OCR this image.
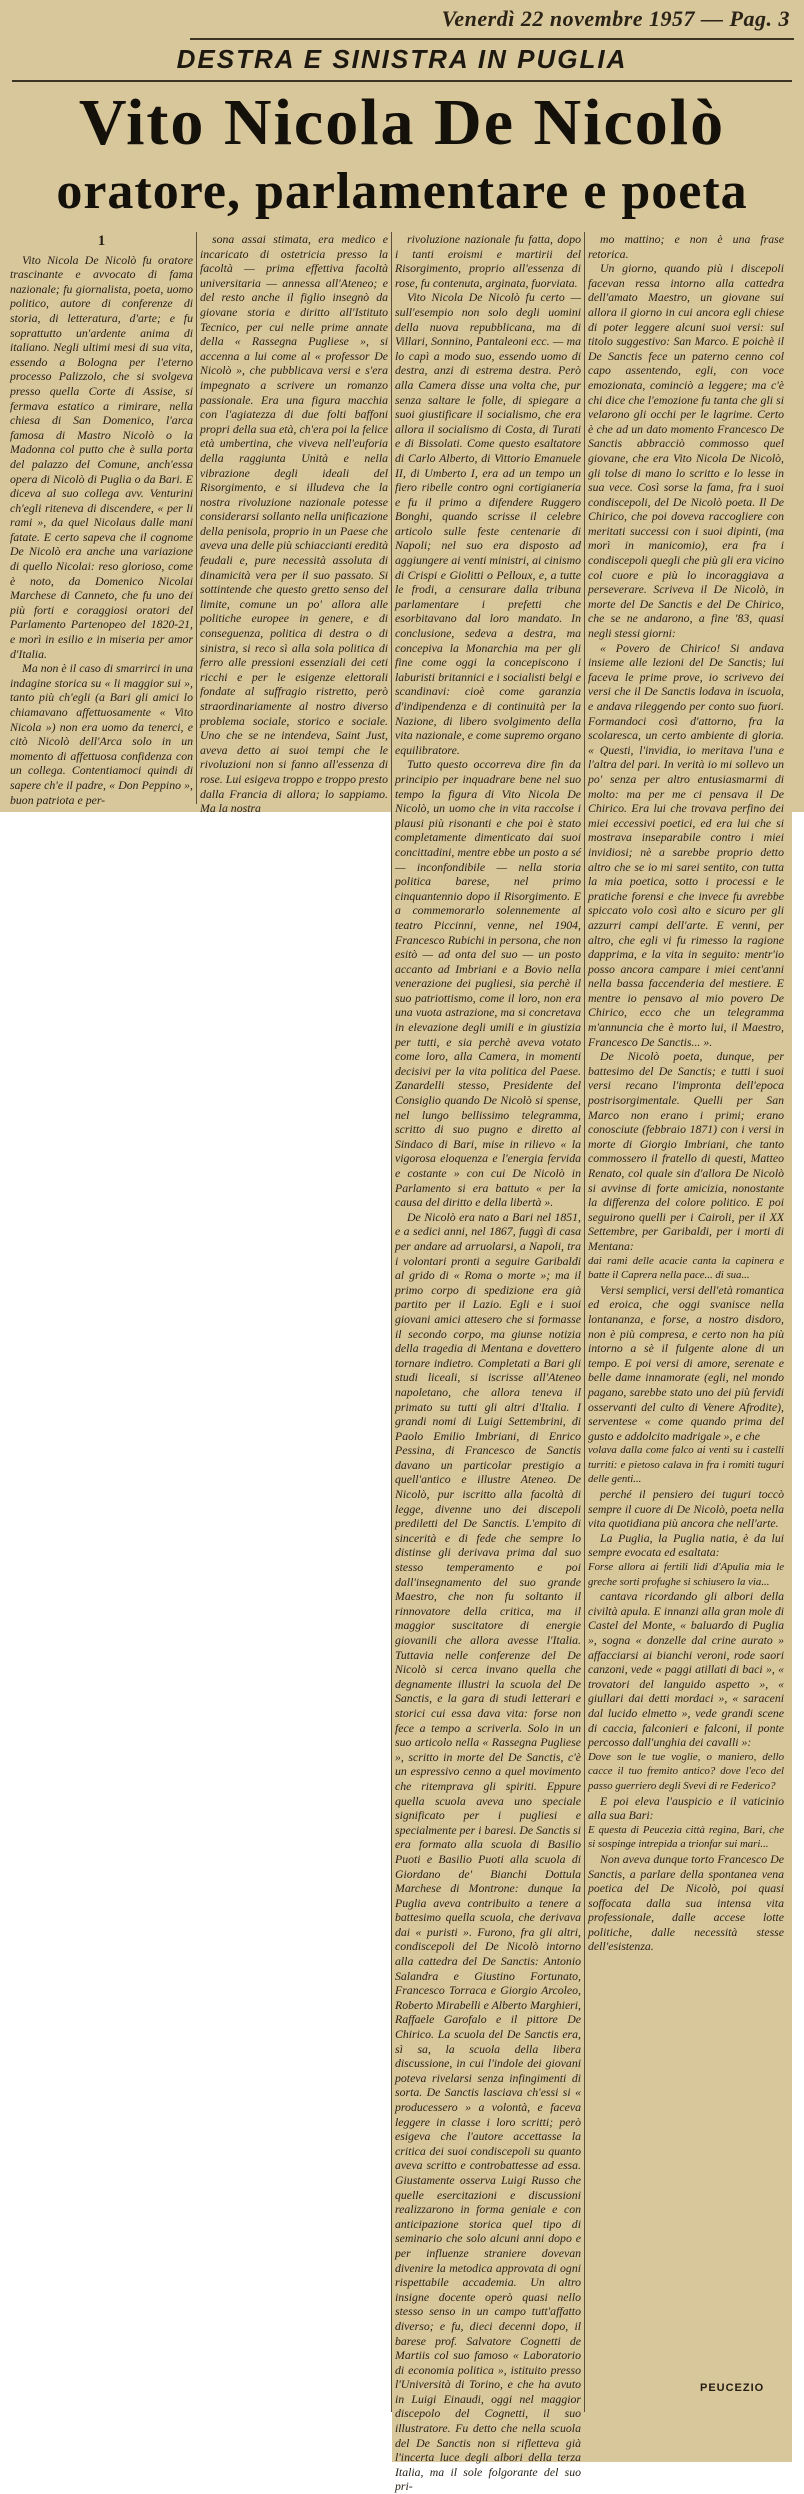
Venerdì 22 novembre 1957 — Pag. 3
DESTRA E SINISTRA IN PUGLIA
Vito Nicola De Nicolò
oratore, parlamentare e poeta

1

Vito Nicola De Nicolò fu oratore trascinante e avvocato di fama nazionale; fu giornalista, poeta, uomo politico, autore di conferenze di storia, di letteratura, d'arte; e fu soprattutto un'ardente anima di italiano. Negli ultimi mesi di sua vita, essendo a Bologna per l'eterno processo Palizzolo, che si svolgeva presso quella Corte di Assise, si fermava estatico a rimirare, nella chiesa di San Domenico, l'arca famosa di Mastro Nicolò o la Madonna col putto che è sulla porta del palazzo del Comune, anch'essa opera di Nicolò di Puglia o da Bari. E diceva al suo collega avv. Venturini ch'egli riteneva di discendere, « per li rami », da quel Nicolaus dalle mani fatate. E certo sapeva che il cognome De Nicolò era anche una variazione di quello Nicolai: reso glorioso, come è noto, da Domenico Nicolai Marchese di Canneto, che fu uno dei più forti e coraggiosi oratori del Parlamento Partenopeo del 1820-21, e morì in esilio e in miseria per amor d'Italia.

Ma non è il caso di smarrirci in una indagine storica su « li maggior sui », tanto più ch'egli (a Bari gli amici lo chiamavano affettuosamente « Vito Nicola ») non era uomo da tenerci, e citò Nicolò dell'Arca solo in un momento di affettuosa confidenza con un collega. Contentiamoci quindi di sapere ch'e il padre, « Don Peppino », buon patriota e per-

sona assai stimata, era medico e incaricato di ostetricia presso la facoltà — prima effettiva facoltà universitaria — annessa all'Ateneo; e del resto anche il figlio insegnò da giovane storia e diritto all'Istituto Tecnico, per cui nelle prime annate della « Rassegna Pugliese », si accenna a lui come al « professor De Nicolò », che pubblicava versi e s'era impegnato a scrivere un romanzo passionale. Era una figura macchia con l'agiatezza di due folti baffoni propri della sua età, ch'era poi la felice età umbertina, che viveva nell'euforia della raggiunta Unità e nella vibrazione degli ideali del Risorgimento, e si illudeva che la nostra rivoluzione nazionale potesse considerarsi sollanto nella unificazione della penisola, proprio in un Paese che aveva una delle più schiaccianti eredità feudali e, pure necessità assoluta di dinamicità vera per il suo passato. Si sottintende che questo gretto senso del limite, comune un po' allora alle politiche europee in genere, e di conseguenza, politica di destra o di sinistra, si reco sì alla sola politica di ferro alle pressioni essenziali dei ceti ricchi e per le esigenze elettorali fondate al suffragio ristretto, però straordinariamente al nostro diverso problema sociale, storico e sociale. Uno che se ne intendeva, Saint Just, aveva detto ai suoi tempi che le rivoluzioni non si fanno all'essenza di rose. Lui esigeva troppo e troppo presto dalla Francia di allora; lo sappiamo. Ma la nostra

rivoluzione nazionale fu fatta, dopo i tanti eroismi e martirii del Risorgimento, proprio all'essenza di rose, fu contenuta, arginata, fuorviata.

Vito Nicola De Nicolò fu certo — sull'esempio non solo degli uomini della nuova repubblicana, ma di Villari, Sonnino, Pantaleoni ecc. — ma lo capì a modo suo, essendo uomo di destra, anzi di estrema destra. Però alla Camera disse una volta che, pur senza saltare le folle, di spiegare a suoi giustificare il socialismo, che era allora il socialismo di Costa, di Turati e di Bissolati. Come questo esaltatore di Carlo Alberto, di Vittorio Emanuele II, di Umberto I, era ad un tempo un fiero ribelle contro ogni cortigianeria e fu il primo a difendere Ruggero Bonghi, quando scrisse il celebre articolo sulle feste centenarie di Napoli; nel suo era disposto ad aggiungere ai venti ministri, ai cinismo di Crispi e Giolitti o Pelloux, e, a tutte le frodi, a censurare dalla tribuna parlamentare i prefetti che esorbitavano dal loro mandato. In conclusione, sedeva a destra, ma concepiva la Monarchia ma per gli fine come oggi la concepiscono i laburisti britannici e i socialisti belgi e scandinavi: cioè come garanzia d'indipendenza e di continuità per la Nazione, di libero svolgimento della vita nazionale, e come supremo organo equilibratore.

Tutto questo occorreva dire fin da principio per inquadrare bene nel suo tempo la figura di Vito Nicola De Nicolò, un uomo che in vita raccolse i plausi più risonanti e che poi è stato completamente dimenticato dai suoi concittadini, mentre ebbe un posto a sé — inconfondibile — nella storia politica barese, nel primo cinquantennio dopo il Risorgimento. E a commemorarlo solennemente al teatro Piccinni, venne, nel 1904, Francesco Rubichi in persona, che non esitò — ad onta del suo — un posto accanto ad Imbriani e a Bovio nella venerazione dei pugliesi, sia perchè il suo patriottismo, come il loro, non era una vuota astrazione, ma si concretava in elevazione degli umili e in giustizia per tutti, e sia perchè aveva votato come loro, alla Camera, in momenti decisivi per la vita politica del Paese. Zanardelli stesso, Presidente del Consiglio quando De Nicolò si spense, nel lungo bellissimo telegramma, scritto di suo pugno e diretto al Sindaco di Bari, mise in rilievo « la vigorosa eloquenza e l'energia fervida e costante » con cui De Nicolò in Parlamento si era battuto « per la causa del diritto e della libertà ».

De Nicolò era nato a Bari nel 1851, e a sedici anni, nel 1867, fuggì di casa per andare ad arruolarsi, a Napoli, tra i volontari pronti a seguire Garibaldi al grido di « Roma o morte »; ma il primo corpo di spedizione era già partito per il Lazio. Egli e i suoi giovani amici attesero che si formasse il secondo corpo, ma giunse notizia della tragedia di Mentana e dovettero tornare indietro. Completati a Bari gli studi liceali, si iscrisse all'Ateneo napoletano, che allora teneva il primato su tutti gli altri d'Italia. I grandi nomi di Luigi Settembrini, di Paolo Emilio Imbriani, di Enrico Pessina, di Francesco de Sanctis davano un particolar prestigio a quell'antico e illustre Ateneo. De Nicolò, pur iscritto alla facoltà di legge, divenne uno dei discepoli prediletti del De Sanctis. L'empito di sincerità e di fede che sempre lo distinse gli derivava prima dal suo stesso temperamento e poi dall'insegnamento del suo grande Maestro, che non fu soltanto il rinnovatore della critica, ma il maggior suscitatore di energie giovanili che allora avesse l'Italia. Tuttavia nelle conferenze del De Nicolò si cerca invano quella che degnamente illustri la scuola del De Sanctis, e la gara di studi letterari e storici cui essa dava vita: forse non fece a tempo a scriverla. Solo in un suo articolo nella « Rassegna Pugliese », scritto in morte del De Sanctis, c'è un espressivo cenno a quel movimento che ritemprava gli spiriti. Eppure quella scuola aveva uno speciale significato per i pugliesi e specialmente per i baresi. De Sanctis si era formato alla scuola di Basilio Puoti e Basilio Puoti alla scuola di Giordano de' Bianchi Dottula Marchese di Montrone: dunque la Puglia aveva contribuito a tenere a battesimo quella scuola, che derivava dai « puristi ». Furono, fra gli altri, condiscepoli del De Nicolò intorno alla cattedra del De Sanctis: Antonio Salandra e Giustino Fortunato, Francesco Torraca e Giorgio Arcoleo, Roberto Mirabelli e Alberto Marghieri, Raffaele Garofalo e il pittore De Chirico. La scuola del De Sanctis era, sì sa, la scuola della libera discussione, in cui l'indole dei giovani poteva rivelarsi senza infingimenti di sorta. De Sanctis lasciava ch'essi si « producessero » a volontà, e faceva leggere in classe i loro scritti; però esigeva che l'autore accettasse la critica dei suoi condiscepoli su quanto aveva scritto e controbattesse ad essa. Giustamente osserva Luigi Russo che quelle esercitazioni e discussioni realizzarono in forma geniale e con anticipazione storica quel tipo di seminario che solo alcuni anni dopo e per influenze straniere dovevan divenire la metodica approvata di ogni rispettabile accademia. Un altro insigne docente operò quasi nello stesso senso in un campo tutt'affatto diverso; e fu, dieci decenni dopo, il barese prof. Salvatore Cognetti de Martiis col suo famoso « Laboratorio di economia politica », istituito presso l'Università di Torino, e che ha avuto in Luigi Einaudi, oggi nel maggior discepolo del Cognetti, il suo illustratore. Fu detto che nella scuola del De Sanctis non si rifletteva già l'incerta luce degli albori della terza Italia, ma il sole folgorante del suo pri-

mo mattino; e non è una frase retorica.

Un giorno, quando più i discepoli facevan ressa intorno alla cattedra dell'amato Maestro, un giovane sui allora il giorno in cui ancora egli chiese di poter leggere alcuni suoi versi: sul titolo suggestivo: San Marco. E poichè il De Sanctis fece un paterno cenno col capo assentendo, egli, con voce emozionata, cominciò a leggere; ma c'è chi dice che l'emozione fu tanta che gli si velarono gli occhi per le lagrime. Certo è che ad un dato momento Francesco De Sanctis abbracciò commosso quel giovane, che era Vito Nicola De Nicolò, gli tolse di mano lo scritto e lo lesse in sua vece. Così sorse la fama, fra i suoi condiscepoli, del De Nicolò poeta. Il De Chirico, che poi doveva raccogliere con meritati successi con i suoi dipinti, (ma morì in manicomio), era fra i condiscepoli quegli che più gli era vicino col cuore e più lo incoraggiava a perseverare. Scriveva il De Nicolò, in morte del De Sanctis e del De Chirico, che se ne andarono, a fine '83, quasi negli stessi giorni:

« Povero de Chirico! Si andava insieme alle lezioni del De Sanctis; lui faceva le prime prove, io scrivevo dei versi che il De Sanctis lodava in iscuola, e andava rileggendo per conto suo fuori. Formandoci così d'attorno, fra la scolaresca, un certo ambiente di gloria. « Questi, l'invidia, io meritava l'una e l'altra del pari. In verità io mi sollevo un po' senza per altro entusiasmarmi di molto: ma per me ci pensava il De Chirico. Era lui che trovava perfino dei miei eccessivi poetici, ed era lui che si mostrava inseparabile contro i miei invidiosi; nè a sarebbe proprio detto altro che se io mi sarei sentito, con tutta la mia poetica, sotto i processi e le pratiche forensi e che invece fu avrebbe spiccato volo così alto e sicuro per gli azzurri campi dell'arte. E venni, per altro, che egli vi fu rimesso la ragione dapprima, e la vita in seguito: mentr'io posso ancora campare i miei cent'anni nella bassa faccenderia del mestiere. E mentre io pensavo al mio povero De Chirico, ecco che un telegramma m'annuncia che è morto lui, il Maestro, Francesco De Sanctis... ».

De Nicolò poeta, dunque, per battesimo del De Sanctis; e tutti i suoi versi recano l'impronta dell'epoca postrisorgimentale. Quelli per San Marco non erano i primi; erano conosciute (febbraio 1871) con i versi in morte di Giorgio Imbriani, che tanto commossero il fratello di questi, Matteo Renato, col quale sin d'allora De Nicolò si avvinse di forte amicizia, nonostante la differenza del colore politico. E poi seguirono quelli per i Cairoli, per il XX Settembre, per Garibaldi, per i morti di Mentana:

dai rami delle acacie canta la capinera e batte il Caprera nella pace... di sua...

Versi semplici, versi dell'età romantica ed eroica, che oggi svanisce nella lontananza, e forse, a nostro disdoro, non è più compresa, e certo non ha più intorno a sè il fulgente alone di un tempo. E poi versi di amore, serenate e belle dame innamorate (egli, nel mondo pagano, sarebbe stato uno dei più fervidi osservanti del culto di Venere Afrodite), serventese « come quando prima del gusto e addolcito madrigale », e che

volava dalla come falco ai venti su i castelli turriti: e pietoso calava in fra i romiti tuguri delle genti...

perché il pensiero dei tuguri toccò sempre il cuore di De Nicolò, poeta nella vita quotidiana più ancora che nell'arte.

La Puglia, la Puglia natia, è da lui sempre evocata ed esaltata:

Forse allora ai fertili lidi d'Apulia mia le greche sorti profughe si schiusero la via...

cantava ricordando gli albori della civiltà apula. E innanzi alla gran mole di Castel del Monte, « baluardo di Puglia », sogna « donzelle dal crine aurato » affacciarsi ai bianchi veroni, rode saori canzoni, vede « paggi atillati di baci », « trovatori del languido aspetto », « giullari dai detti mordaci », « saraceni dal lucido elmetto », vede grandi scene di caccia, falconieri e falconi, il ponte percosso dall'unghia dei cavalli »:

Dove son le tue voglie, o maniero, dello cacce il tuo fremito antico? dove l'eco del passo guerriero degli Svevi di re Federico?

E poi eleva l'auspicio e il vaticinio alla sua Bari:

E questa di Peucezia città regina, Bari, che si sospinge intrepida a trionfar sui mari...

Non aveva dunque torto Francesco De Sanctis, a parlare della spontanea vena poetica del De Nicolò, poi quasi soffocata dalla sua intensa vita professionale, dalle accese lotte politiche, dalle necessità stesse dell'esistenza.

PEUCEZIO
